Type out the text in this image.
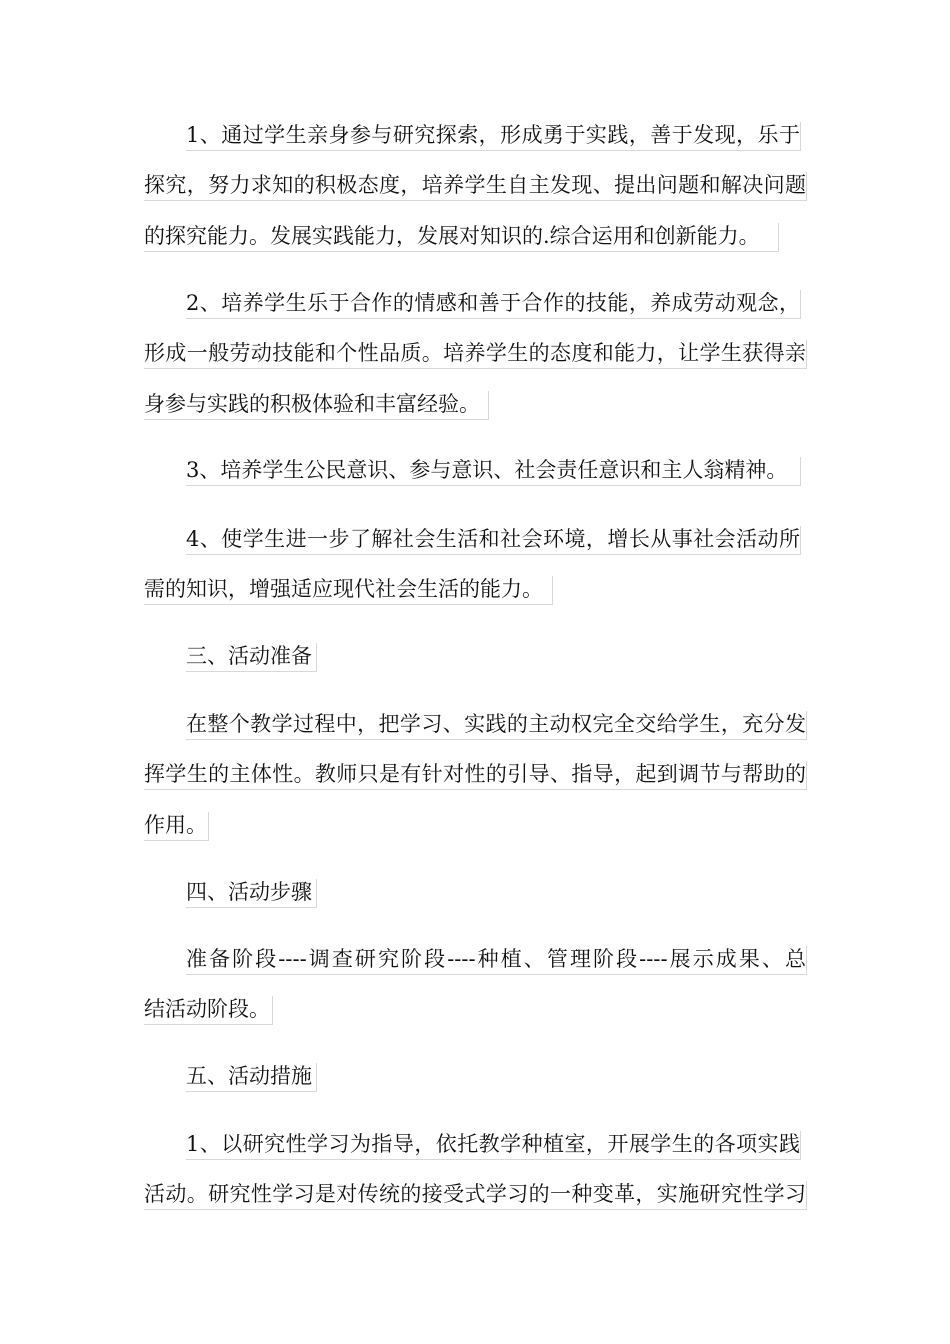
1、通过学生亲身参与研究探索，形成勇于实践，善于发现，乐于
探究，努力求知的积极态度，培养学生自主发现、提出问题和解决问题
的探究能力。发展实践能力，发展对知识的.综合运用和创新能力。
2、培养学生乐于合作的情感和善于合作的技能，养成劳动观念，
形成一般劳动技能和个性品质。培养学生的态度和能力，让学生获得亲
身参与实践的积极体验和丰富经验。
3、培养学生公民意识、参与意识、社会责任意识和主人翁精神。
4、使学生进一步了解社会生活和社会环境，增长从事社会活动所
需的知识，增强适应现代社会生活的能力。
三、活动准备
在整个教学过程中，把学习、实践的主动权完全交给学生，充分发
挥学生的主体性。教师只是有针对性的引导、指导，起到调节与帮助的
作用。
四、活动步骤
准备阶段----调查研究阶段----种植、管理阶段----展示成果、总
结活动阶段。
五、活动措施
1、以研究性学习为指导，依托教学种植室，开展学生的各项实践
活动。研究性学习是对传统的接受式学习的一种变革，实施研究性学习
